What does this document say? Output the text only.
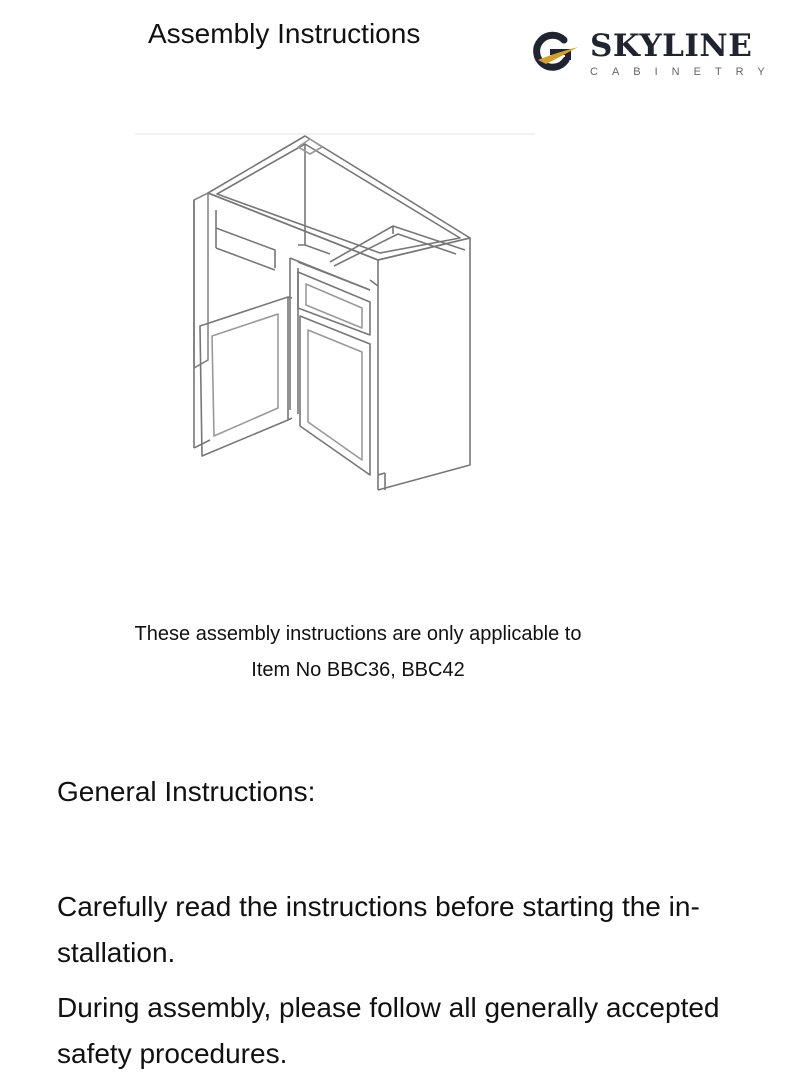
Assembly Instructions	SKYLINE
CABINETRY
These assembly instructions are only applicable to
Item No BBC36, BBC42
General Instructions:
Carefully read the instructions before starting the in-stallation.
During assembly, please follow all generally accepted safety procedures.
